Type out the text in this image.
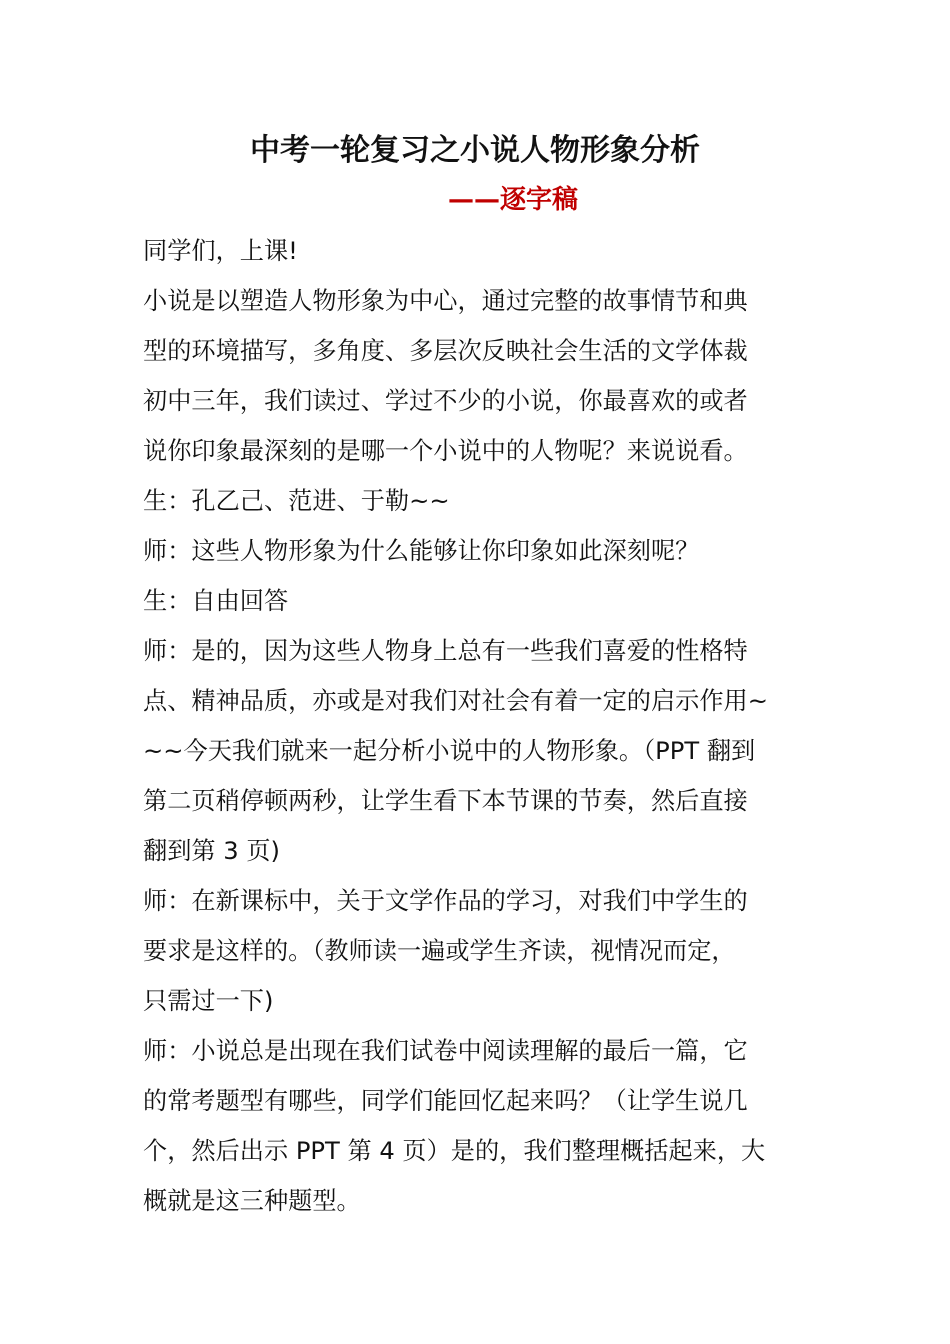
中考一轮复习之小说人物形象分析
——逐字稿
同学们，上课!
小说是以塑造人物形象为中心，通过完整的故事情节和典
型的环境描写，多角度、多层次反映社会生活的文学体裁
初中三年，我们读过、学过不少的小说，你最喜欢的或者
说你印象最深刻的是哪一个小说中的人物呢？来说说看。
生：孔乙己、范进、于勒~~
师：这些人物形象为什么能够让你印象如此深刻呢？
生：自由回答
师：是的，因为这些人物身上总有一些我们喜爱的性格特
点、精神品质，亦或是对我们对社会有着一定的启示作用~
~~今天我们就来一起分析小说中的人物形象。（PPT 翻到
第二页稍停顿两秒，让学生看下本节课的节奏，然后直接
翻到第 3 页)
师：在新课标中，关于文学作品的学习，对我们中学生的
要求是这样的。（教师读一遍或学生齐读，视情况而定，
只需过一下)
师：小说总是出现在我们试卷中阅读理解的最后一篇，它
的常考题型有哪些，同学们能回忆起来吗？（让学生说几
个，然后出示 PPT 第 4 页）是的，我们整理概括起来，大
概就是这三种题型。
